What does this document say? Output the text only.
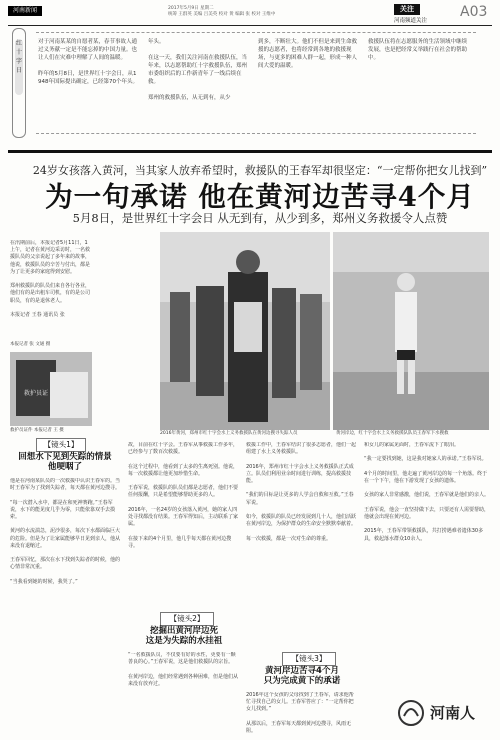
河南新闻	2017年5月9日 星期二
统筹 王群英 美编 吕美英 校对 黄 编辑 张 校对 王维中
关注
河南频道关注
A03
红十字日
对于河南某某的自愿者某，春节事故人通过义务献一定是不能忘掉的中国力量。也让人们在灾难中理解了人间的温暖。

昨年的5月8日，是世界红十字会日，从1948年国际提出确定，已经第70个年头。
年头。

在这一天，我们关注河南在救援队伍，当年来，以志愿帮助红十字救援队伍，郑州市委组织后的工作新青年了一线后续在救。

郑州的救援队伍，从无到有，从少
到多，不断壮大。他们不但是来到生命救援的志愿者，也将经常到各地的救援现场，与更多的困难人群一起，形成一种人间大爱的温暖。
救援队伍将在志愿服务的生活领域中继续发展，也是把经常义举践行在社会的帮助中。
24岁女孩落入黄河，当其家人放弃希望时，救援队的王春军却很坚定：“一定帮你把女儿找到”
为一句承诺 他在黄河边苦寻4个月
5月8日，是世界红十字会日 从无到有，从少到多，郑州义务救援令人点赞
在汛期前后，本报记者5月11日，1上午，记者在黄河边采访时，一名救援队员的父亲说起了多年来的故事，他说，救援队员的辛苦与付出，都是为了让更多的家庭得到安慰。

郑州救援队的队员们来自各行各业，他们有的是出租车司机，有的是公司职员，有的是退休老人。

本报记者 王春 通讯员 张
本报记者 张 文通 摄
救护员证
救护员证件 本报记者 王 摄
2016年黄河，郑州市红十字会水上义务救援队在黄河边搜寻失踪人员	黄河岸边，红十字会水上义务救援队队员王春军下水搜救
【镜头1】
回想水下见到失踪的情景
他哽咽了
他是在河南某队员的一次救援中认识王春军的。当时王春军为了找到失踪者，每天都在黄河边搜寻。

“每一次潜入水中，都是在和死神赛跑。”王春军说，水下的能见度几乎为零，只能依靠双手去摸索。

黄河的水流湍急，泥沙很多，每次下水都面临巨大的危险。但是为了让家属能够早日见到亲人，他从来没有退缩过。

王春军回忆，那次在水下找到失踪者的时候，他的心情非常沉重。

“当我看到她的时候，我哭了。”
故，目前在红十字会。王春军从事救援工作多年，已经参与了数百次救援。

在这个过程中，他看到了太多的生离死别。他说，每一次救援都让他更加珍惜生命。

王春军说，救援队的队员们都是志愿者，他们不要任何报酬，只是希望能够帮助更多的人。

2016年，一名24岁的女孩落入黄河，她的家人四处寻找都没有结果。王春军得知后，主动联系了家属。

在接下来的4个月里，他几乎每天都在黄河边搜寻。
【镜头2】
挖掘出黄河岸边死
这是为失踪的水挂祖
“一名救援队员，不仅要有好的水性，更要有一颗善良的心。”王春军说，这是他们救援队的宗旨。

在黄河岸边，他们经常遇到各种困难，但是他们从来没有放弃过。
救援工作中，王春军结识了很多志愿者，他们一起组建了水上义务救援队。

2016年，郑州市红十字会水上义务救援队正式成立。队员们利用业余时间进行训练，提高救援技能。

“我们的目标是让更多的人学会自救和互救。”王春军说。

如今，救援队的队员已经发展到几十人，他们活跃在黄河岸边，为保护群众的生命安全默默奉献着。

每一次救援，都是一次对生命的尊重。
【镜头3】
黄河岸边苦寻4个月
只为完成黄下的承诺
2016年这个女孩的父母找到了王春军，请求他帮忙寻找自己的女儿。王春军答应了：“一定帮你把女儿找到。”

从那以后，王春军每天都到黄河边搜寻，风雨无阻。
和女儿的家属见面时，王春军流下了眼泪。

“我一定要找到她，这是我对她家人的承诺。”王春军说。

4个月的时间里，他走遍了黄河岸边的每一个角落。终于在一个下午，他在下游发现了女孩的遗体。

女孩的家人非常感激，他们说，王春军就是他们的亲人。

王春军说，他会一直坚持做下去，只要还有人需要帮助，他就会出现在黄河边。

2015年，王春军带领救援队，共打捞遇难者遗体30多具，救起落水群众10余人。
河南人
